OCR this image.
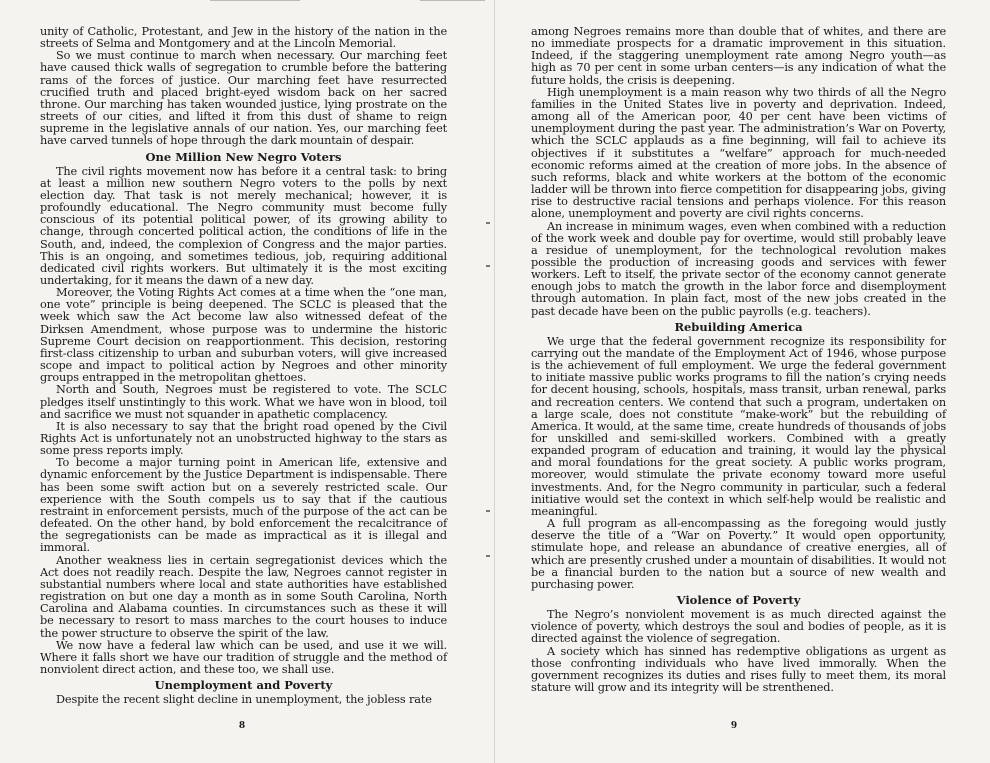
unity of Catholic, Protestant, and Jew in the history of the nation in the streets of Selma and Montgomery and at the Lincoln Memorial.

So we must continue to march when necessary. Our marching feet have caused thick walls of segregation to crumble before the battering rams of the forces of justice. Our marching feet have resurrected crucified truth and placed bright-eyed wisdom back on her sacred throne. Our marching has taken wounded justice, lying prostrate on the streets of our cities, and lifted it from this dust of shame to reign supreme in the legislative annals of our nation. Yes, our marching feet have carved tunnels of hope through the dark mountain of despair.

One Million New Negro Voters

The civil rights movement now has before it a central task: to bring at least a million new southern Negro voters to the polls by next election day. That task is not merely mechanical; however, it is profoundly educational. The Negro community must become fully conscious of its potential political power, of its growing ability to change, through concerted political action, the conditions of life in the South, and, indeed, the complexion of Congress and the major parties. This is an ongoing, and sometimes tedious, job, requiring additional dedicated civil rights workers. But ultimately it is the most exciting undertaking, for it means the dawn of a new day.

Moreover, the Voting Rights Act comes at a time when the “one man, one vote” principle is being deepened. The SCLC is pleased that the week which saw the Act become law also witnessed defeat of the Dirksen Amendment, whose purpose was to undermine the historic Supreme Court decision on reapportionment. This decision, restoring first-class citizenship to urban and suburban voters, will give increased scope and impact to political action by Negroes and other minority groups entrapped in the metropolitan ghettoes.

North and South, Negroes must be registered to vote. The SCLC pledges itself unstintingly to this work. What we have won in blood, toil and sacrifice we must not squander in apathetic complacency.

It is also necessary to say that the bright road opened by the Civil Rights Act is unfortunately not an unobstructed highway to the stars as some press reports imply.

To become a major turning point in American life, extensive and dynamic enforcement by the Justice Department is indispensable. There has been some swift action but on a severely restricted scale. Our experience with the South compels us to say that if the cautious restraint in enforcement persists, much of the purpose of the act can be defeated. On the other hand, by bold enforcement the recalcitrance of the segregationists can be made as impractical as it is illegal and immoral.

Another weakness lies in certain segregationist devices which the Act does not readily reach. Despite the law, Negroes cannot register in substantial numbers where local and state authorities have established registration on but one day a month as in some South Carolina, North Carolina and Alabama counties. In circumstances such as these it will be necessary to resort to mass marches to the court houses to induce the power structure to observe the spirit of the law.

We now have a federal law which can be used, and use it we will. Where it falls short we have our tradition of struggle and the method of nonviolent direct action, and these too, we shall use.

Unemployment and Poverty

Despite the recent slight decline in unemployment, the jobless rate

8

among Negroes remains more than double that of whites, and there are no immediate prospects for a dramatic improvement in this situation. Indeed, if the staggering unemployment rate among Negro youth—as high as 70 per cent in some urban centers—is any indication of what the future holds, the crisis is deepening.

High unemployment is a main reason why two thirds of all the Negro families in the United States live in poverty and deprivation. Indeed, among all of the American poor, 40 per cent have been victims of unemployment during the past year. The administration’s War on Poverty, which the SCLC applauds as a fine beginning, will fail to achieve its objectives if it substitutes a “welfare” approach for much-needed economic reforms aimed at the creation of more jobs. In the absence of such reforms, black and white workers at the bottom of the economic ladder will be thrown into fierce competition for disappearing jobs, giving rise to destructive racial tensions and perhaps violence. For this reason alone, unemployment and poverty are civil rights concerns.

An increase in minimum wages, even when combined with a reduction of the work week and double pay for overtime, would still probably leave a residue of unemployment, for the technological revolution makes possible the production of increasing goods and services with fewer workers. Left to itself, the private sector of the economy cannot generate enough jobs to match the growth in the labor force and disemployment through automation. In plain fact, most of the new jobs created in the past decade have been on the public payrolls (e.g. teachers).

Rebuilding America

We urge that the federal government recognize its responsibility for carrying out the mandate of the Employment Act of 1946, whose purpose is the achievement of full employment. We urge the federal government to initiate massive public works programs to fill the nation’s crying needs for decent housing, schools, hospitals, mass transit, urban renewal, parks and recreation centers. We contend that such a program, undertaken on a large scale, does not constitute “make-work” but the rebuilding of America. It would, at the same time, create hundreds of thousands of jobs for unskilled and semi-skilled workers. Combined with a greatly expanded program of education and training, it would lay the physical and moral foundations for the great society. A public works program, moreover, would stimulate the private economy toward more useful investments. And, for the Negro community in particular, such a federal initiative would set the context in which self-help would be realistic and meaningful.

A full program as all-encompassing as the foregoing would justly deserve the title of a “War on Poverty.” It would open opportunity, stimulate hope, and release an abundance of creative energies, all of which are presently crushed under a mountain of disabilities. It would not be a financial burden to the nation but a source of new wealth and purchasing power.

Violence of Poverty

The Negro’s nonviolent movement is as much directed against the violence of poverty, which destroys the soul and bodies of people, as it is directed against the violence of segregation.

A society which has sinned has redemptive obligations as urgent as those confronting individuals who have lived immorally. When the government recognizes its duties and rises fully to meet them, its moral stature will grow and its integrity will be strenthened.

9
